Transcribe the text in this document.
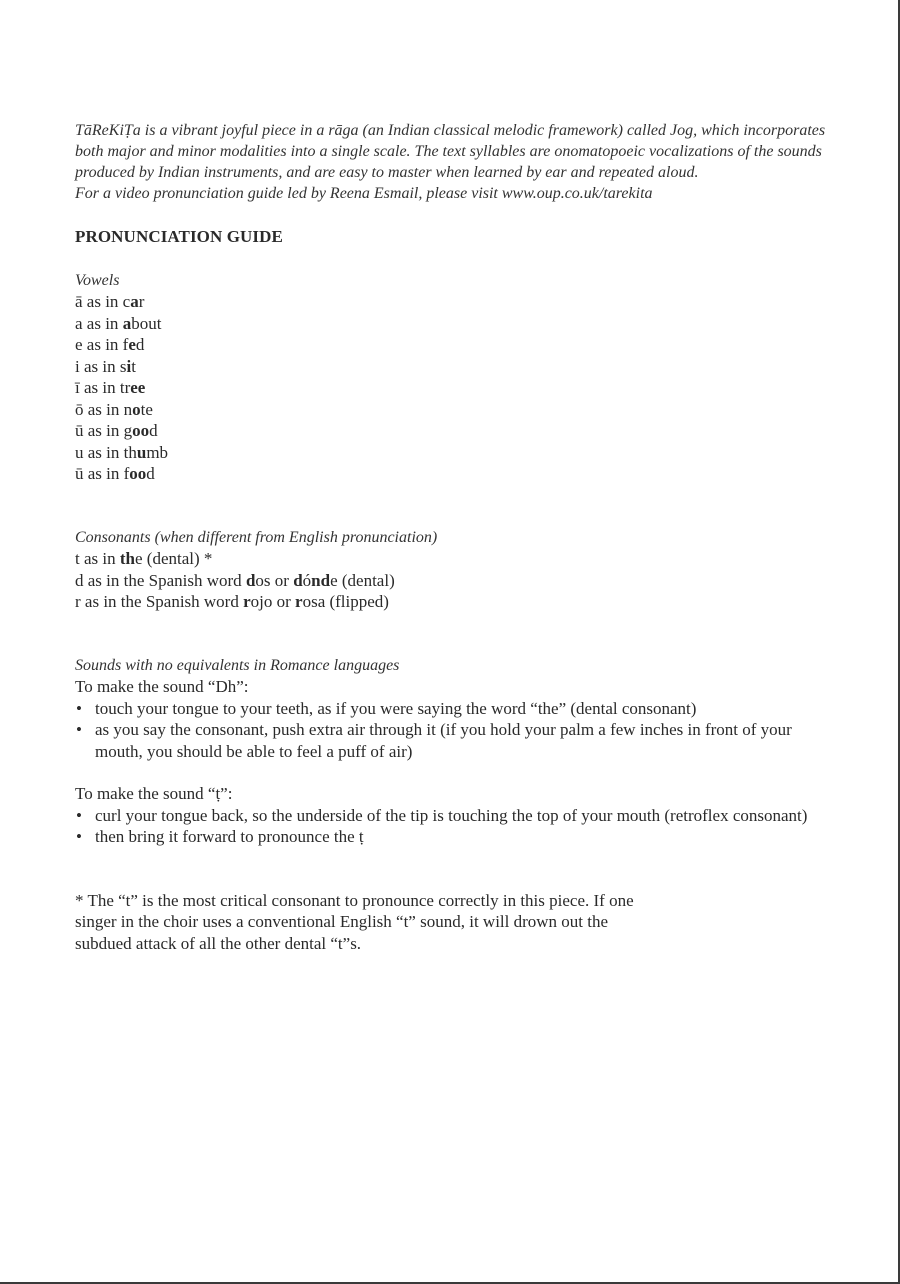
TāReKiṬa is a vibrant joyful piece in a rāga (an Indian classical melodic framework) called Jog, which incorporates both major and minor modalities into a single scale. The text syllables are onomatopoeic vocalizations of the sounds produced by Indian instruments, and are easy to master when learned by ear and repeated aloud.

For a video pronunciation guide led by Reena Esmail, please visit www.oup.co.uk/tarekita

PRONUNCIATION GUIDE

Vowels

ā as in car
a as in about
e as in fed
i as in sit
ī as in tree
ō as in note
ū as in good
u as in thumb
ū as in food

Consonants (when different from English pronunciation)

t as in the (dental) *
d as in the Spanish word dos or dónde (dental)
r as in the Spanish word rojo or rosa (flipped)

Sounds with no equivalents in Romance languages

To make the sound “Dh”:
• touch your tongue to your teeth, as if you were saying the word “the” (dental consonant)
• as you say the consonant, push extra air through it (if you hold your palm a few inches in front of your mouth, you should be able to feel a puff of air)
To make the sound “ṭ”:
• curl your tongue back, so the underside of the tip is touching the top of your mouth (retroflex consonant)
• then bring it forward to pronounce the ṭ

* The “t” is the most critical consonant to pronounce correctly in this piece. If one

singer in the choir uses a conventional English “t” sound, it will drown out the

subdued attack of all the other dental “t”s.
